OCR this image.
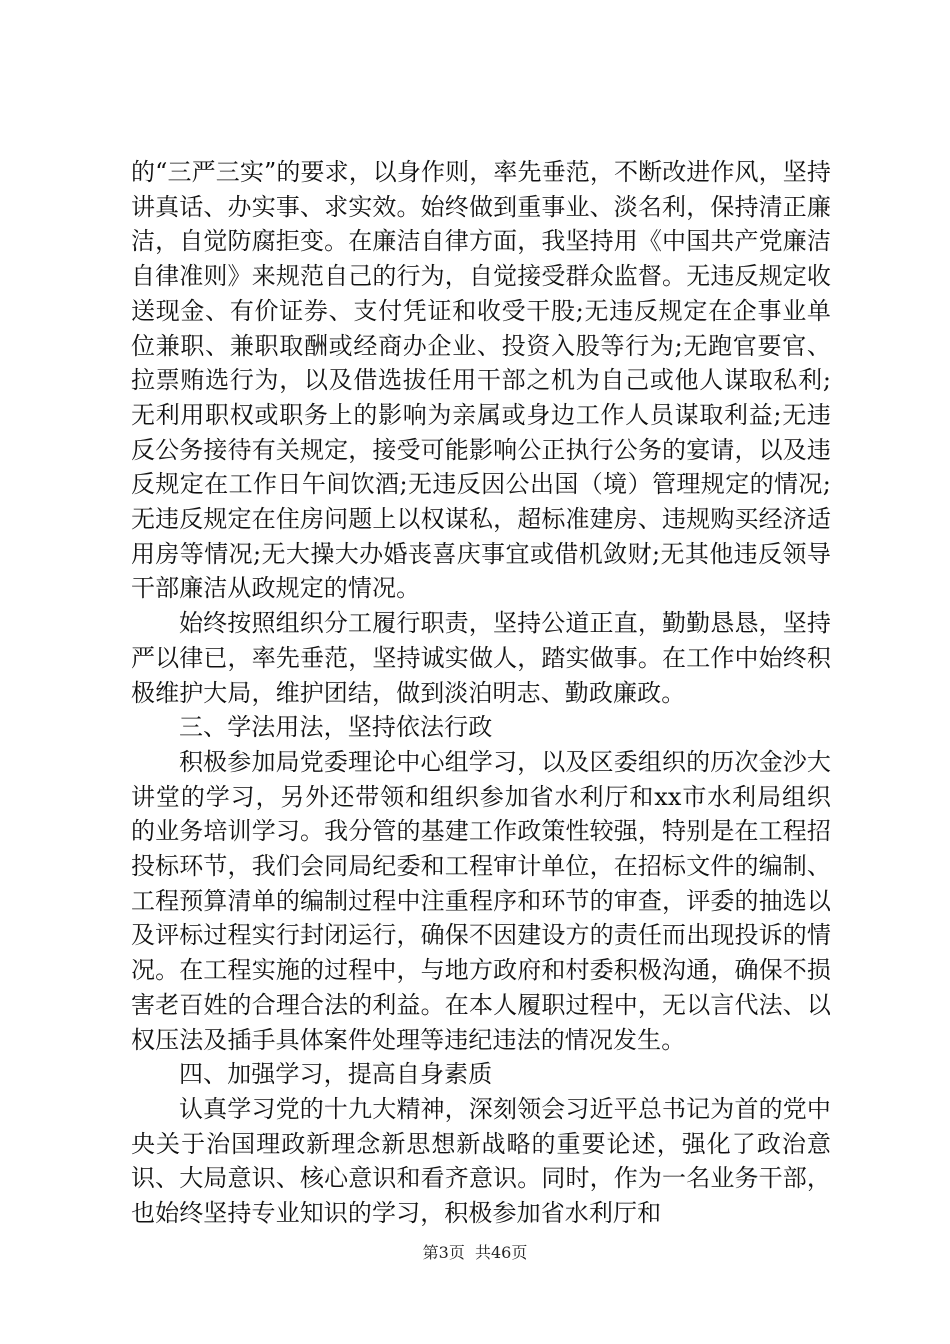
的“三严三实”的要求，以身作则，率先垂范，不断改进作风，坚持讲真话、办实事、求实效。始终做到重事业、淡名利，保持清正廉洁，自觉防腐拒变。在廉洁自律方面，我坚持用《中国共产党廉洁自律准则》来规范自己的行为，自觉接受群众监督。无违反规定收送现金、有价证券、支付凭证和收受干股;无违反规定在企事业单位兼职、兼职取酬或经商办企业、投资入股等行为;无跑官要官、拉票贿选行为，以及借选拔任用干部之机为自己或他人谋取私利;无利用职权或职务上的影响为亲属或身边工作人员谋取利益;无违反公务接待有关规定，接受可能影响公正执行公务的宴请，以及违反规定在工作日午间饮酒;无违反因公出国（境）管理规定的情况;无违反规定在住房问题上以权谋私，超标准建房、违规购买经济适用房等情况;无大操大办婚丧喜庆事宜或借机敛财;无其他违反领导干部廉洁从政规定的情况。

始终按照组织分工履行职责，坚持公道正直，勤勤恳恳，坚持严以律已，率先垂范，坚持诚实做人，踏实做事。在工作中始终积极维护大局，维护团结，做到淡泊明志、勤政廉政。

三、学法用法，坚持依法行政

积极参加局党委理论中心组学习，以及区委组织的历次金沙大讲堂的学习，另外还带领和组织参加省水利厅和xx市水利局组织的业务培训学习。我分管的基建工作政策性较强，特别是在工程招投标环节，我们会同局纪委和工程审计单位，在招标文件的编制、工程预算清单的编制过程中注重程序和环节的审查，评委的抽选以及评标过程实行封闭运行，确保不因建设方的责任而出现投诉的情况。在工程实施的过程中，与地方政府和村委积极沟通，确保不损害老百姓的合理合法的利益。在本人履职过程中，无以言代法、以权压法及插手具体案件处理等违纪违法的情况发生。

四、加强学习，提高自身素质

认真学习党的十九大精神，深刻领会习近平总书记为首的党中央关于治国理政新理念新思想新战略的重要论述，强化了政治意识、大局意识、核心意识和看齐意识。同时，作为一名业务干部，也始终坚持专业知识的学习，积极参加省水利厅和

第3页  共46页
